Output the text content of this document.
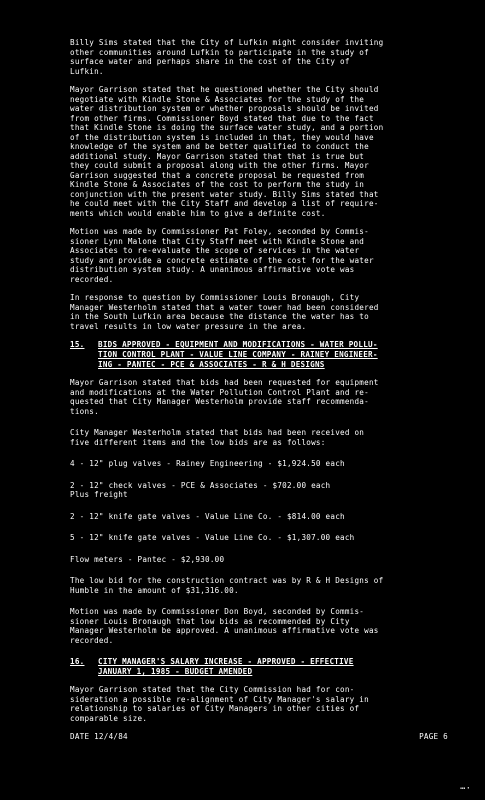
Billy Sims stated that the City of Lufkin might consider inviting
other communities around Lufkin to participate in the study of
surface water and perhaps share in the cost of the City of
Lufkin.

Mayor Garrison stated that he questioned whether the City should
negotiate with Kindle Stone & Associates for the study of the
water distribution system or whether proposals should be invited
from other firms. Commissioner Boyd stated that due to the fact
that Kindle Stone is doing the surface water study, and a portion
of the distribution system is included in that, they would have
knowledge of the system and be better qualified to conduct the
additional study. Mayor Garrison stated that that is true but
they could submit a proposal along with the other firms. Mayor
Garrison suggested that a concrete proposal be requested from
Kindle Stone & Associates of the cost to perform the study in
conjunction with the present water study. Billy Sims stated that
he could meet with the City Staff and develop a list of require-
ments which would enable him to give a definite cost.

Motion was made by Commissioner Pat Foley, seconded by Commis-
sioner Lynn Malone that City Staff meet with Kindle Stone and
Associates to re-evaluate the scope of services in the water
study and provide a concrete estimate of the cost for the water
distribution system study. A unanimous affirmative vote was
recorded.

In response to question by Commissioner Louis Bronaugh, City
Manager Westerholm stated that a water tower had been considered
in the South Lufkin area because the distance the water has to
travel results in low water pressure in the area.

15.	BIDS APPROVED - EQUIPMENT AND MODIFICATIONS - WATER POLLU-
TION CONTROL PLANT - VALUE LINE COMPANY - RAINEY ENGINEER-
ING - PANTEC - PCE & ASSOCIATES - R & H DESIGNS

Mayor Garrison stated that bids had been requested for equipment
and modifications at the Water Pollution Control Plant and re-
quested that City Manager Westerholm provide staff recommenda-
tions.

City Manager Westerholm stated that bids had been received on
five different items and the low bids are as follows:

4 - 12" plug valves - Rainey Engineering - $1,924.50 each

2 - 12" check valves - PCE & Associates - $702.00 each
Plus freight

2 - 12" knife gate valves - Value Line Co. - $814.00 each

5 - 12" knife gate valves - Value Line Co. - $1,307.00 each

Flow meters - Pantec - $2,930.00

The low bid for the construction contract was by R & H Designs of
Humble in the amount of $31,316.00.

Motion was made by Commissioner Don Boyd, seconded by Commis-
sioner Louis Bronaugh that low bids as recommended by City
Manager Westerholm be approved. A unanimous affirmative vote was
recorded.

16.	CITY MANAGER'S SALARY INCREASE - APPROVED - EFFECTIVE
JANUARY 1, 1985 - BUDGET AMENDED

Mayor Garrison stated that the City Commission had for con-
sideration a possible re-alignment of City Manager's salary in
relationship to salaries of City Managers in other cities of
comparable size.

DATE 12/4/84	PAGE 6
⋯·
